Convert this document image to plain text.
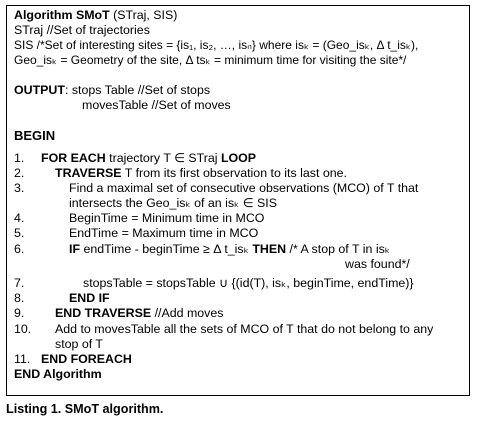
Algorithm SMoT (STraj, SIS)
STraj //Set of trajectories
SIS /*Set of interesting sites = {is₁, is₂, …, isₙ} where isₖ = (Geo_isₖ, Δ t_isₖ),
Geo_isₖ = Geometry of the site, Δ tsₖ = minimum time for visiting the site*/
OUTPUT: stops Table //Set of stops
movesTable //Set of moves
BEGIN
1. FOR EACH trajectory T ∈ STraj LOOP
2. TRAVERSE T from its first observation to its last one.
3.	Find a maximal set of consecutive observations (MCO) of T that
intersects the Geo_isₖ of an isₖ ∈ SIS
4.	BeginTime = Minimum time in MCO
5.	EndTime = Maximum time in MCO
6.	IF endTime - beginTime ≥ Δ t_isₖ THEN /* A stop of T in isₖ
was found*/
7.	stopsTable = stopsTable ∪ {(id(T), isₖ, beginTime, endTime)}
8.	END IF
9. END TRAVERSE //Add moves
10. Add to movesTable all the sets of MCO of T that do not belong to any
stop of T
11. END FOREACH
END Algorithm
Listing 1. SMoT algorithm.
